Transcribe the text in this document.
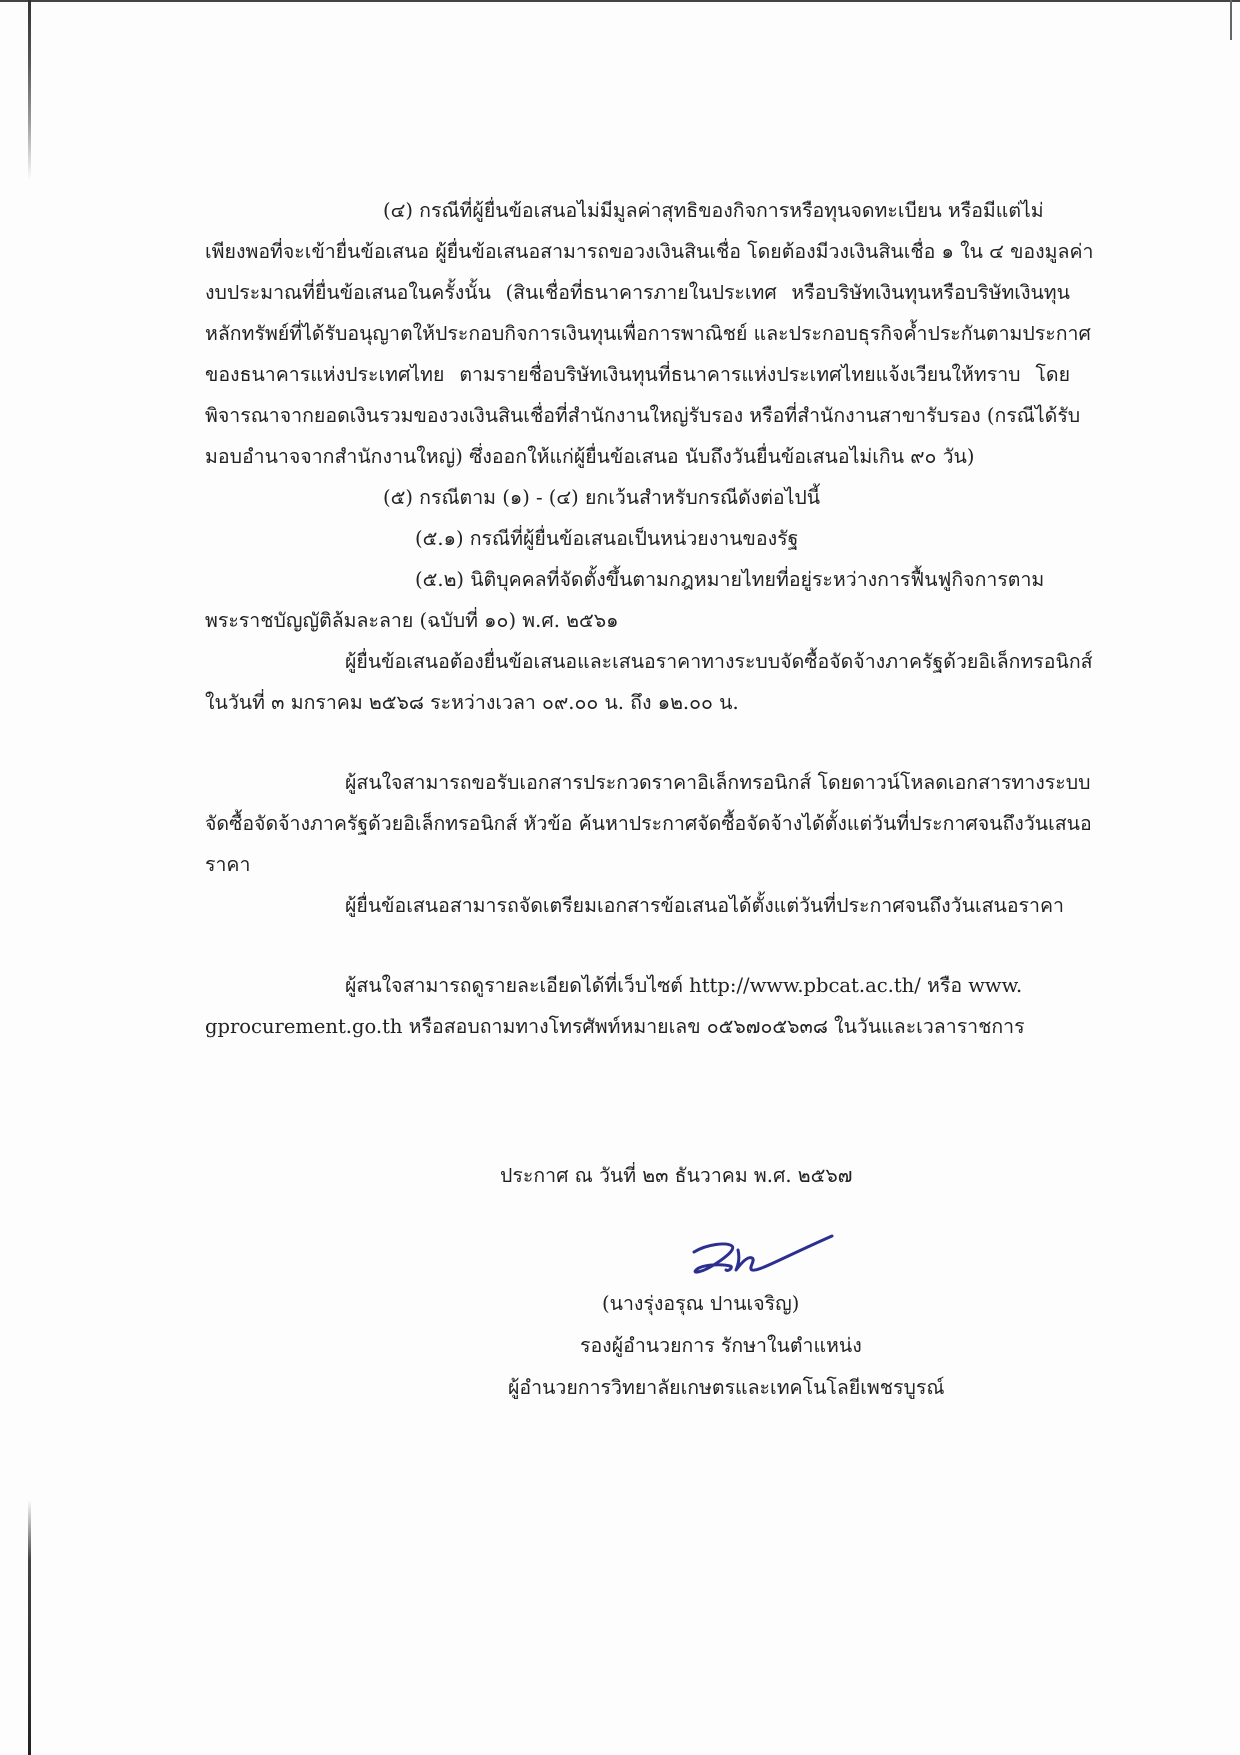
(๔) กรณีที่ผู้ยื่นข้อเสนอไม่มีมูลค่าสุทธิของกิจการหรือทุนจดทะเบียน หรือมีแต่ไม่
เพียงพอที่จะเข้ายื่นข้อเสนอ ผู้ยื่นข้อเสนอสามารถขอวงเงินสินเชื่อ โดยต้องมีวงเงินสินเชื่อ ๑ ใน ๔ ของมูลค่า
งบประมาณที่ยื่นข้อเสนอในครั้งนั้น (สินเชื่อที่ธนาคารภายในประเทศ หรือบริษัทเงินทุนหรือบริษัทเงินทุน
หลักทรัพย์ที่ได้รับอนุญาตให้ประกอบกิจการเงินทุนเพื่อการพาณิชย์ และประกอบธุรกิจค้ำประกันตามประกาศ
ของธนาคารแห่งประเทศไทย ตามรายชื่อบริษัทเงินทุนที่ธนาคารแห่งประเทศไทยแจ้งเวียนให้ทราบ โดย
พิจารณาจากยอดเงินรวมของวงเงินสินเชื่อที่สำนักงานใหญ่รับรอง หรือที่สำนักงานสาขารับรอง (กรณีได้รับ
มอบอำนาจจากสำนักงานใหญ่) ซึ่งออกให้แก่ผู้ยื่นข้อเสนอ นับถึงวันยื่นข้อเสนอไม่เกิน ๙๐ วัน)
(๕) กรณีตาม (๑) - (๔) ยกเว้นสำหรับกรณีดังต่อไปนี้
(๕.๑) กรณีที่ผู้ยื่นข้อเสนอเป็นหน่วยงานของรัฐ
(๕.๒) นิติบุคคลที่จัดตั้งขึ้นตามกฎหมายไทยที่อยู่ระหว่างการฟื้นฟูกิจการตาม
พระราชบัญญัติล้มละลาย (ฉบับที่ ๑๐) พ.ศ. ๒๕๖๑
ผู้ยื่นข้อเสนอต้องยื่นข้อเสนอและเสนอราคาทางระบบจัดซื้อจัดจ้างภาครัฐด้วยอิเล็กทรอนิกส์
ในวันที่ ๓ มกราคม ๒๕๖๘ ระหว่างเวลา ๐๙.๐๐ น. ถึง ๑๒.๐๐ น.
ผู้สนใจสามารถขอรับเอกสารประกวดราคาอิเล็กทรอนิกส์ โดยดาวน์โหลดเอกสารทางระบบ
จัดซื้อจัดจ้างภาครัฐด้วยอิเล็กทรอนิกส์ หัวข้อ ค้นหาประกาศจัดซื้อจัดจ้างได้ตั้งแต่วันที่ประกาศจนถึงวันเสนอ
ราคา
ผู้ยื่นข้อเสนอสามารถจัดเตรียมเอกสารข้อเสนอได้ตั้งแต่วันที่ประกาศจนถึงวันเสนอราคา
ผู้สนใจสามารถดูรายละเอียดได้ที่เว็บไซต์ http://www.pbcat.ac.th/ หรือ www.
gprocurement.go.th หรือสอบถามทางโทรศัพท์หมายเลข ๐๕๖๗๐๕๖๓๘ ในวันและเวลาราชการ
ประกาศ ณ วันที่ ๒๓ ธันวาคม พ.ศ. ๒๕๖๗
(นางรุ่งอรุณ ปานเจริญ)
รองผู้อำนวยการ รักษาในตำแหน่ง
ผู้อำนวยการวิทยาลัยเกษตรและเทคโนโลยีเพชรบูรณ์
